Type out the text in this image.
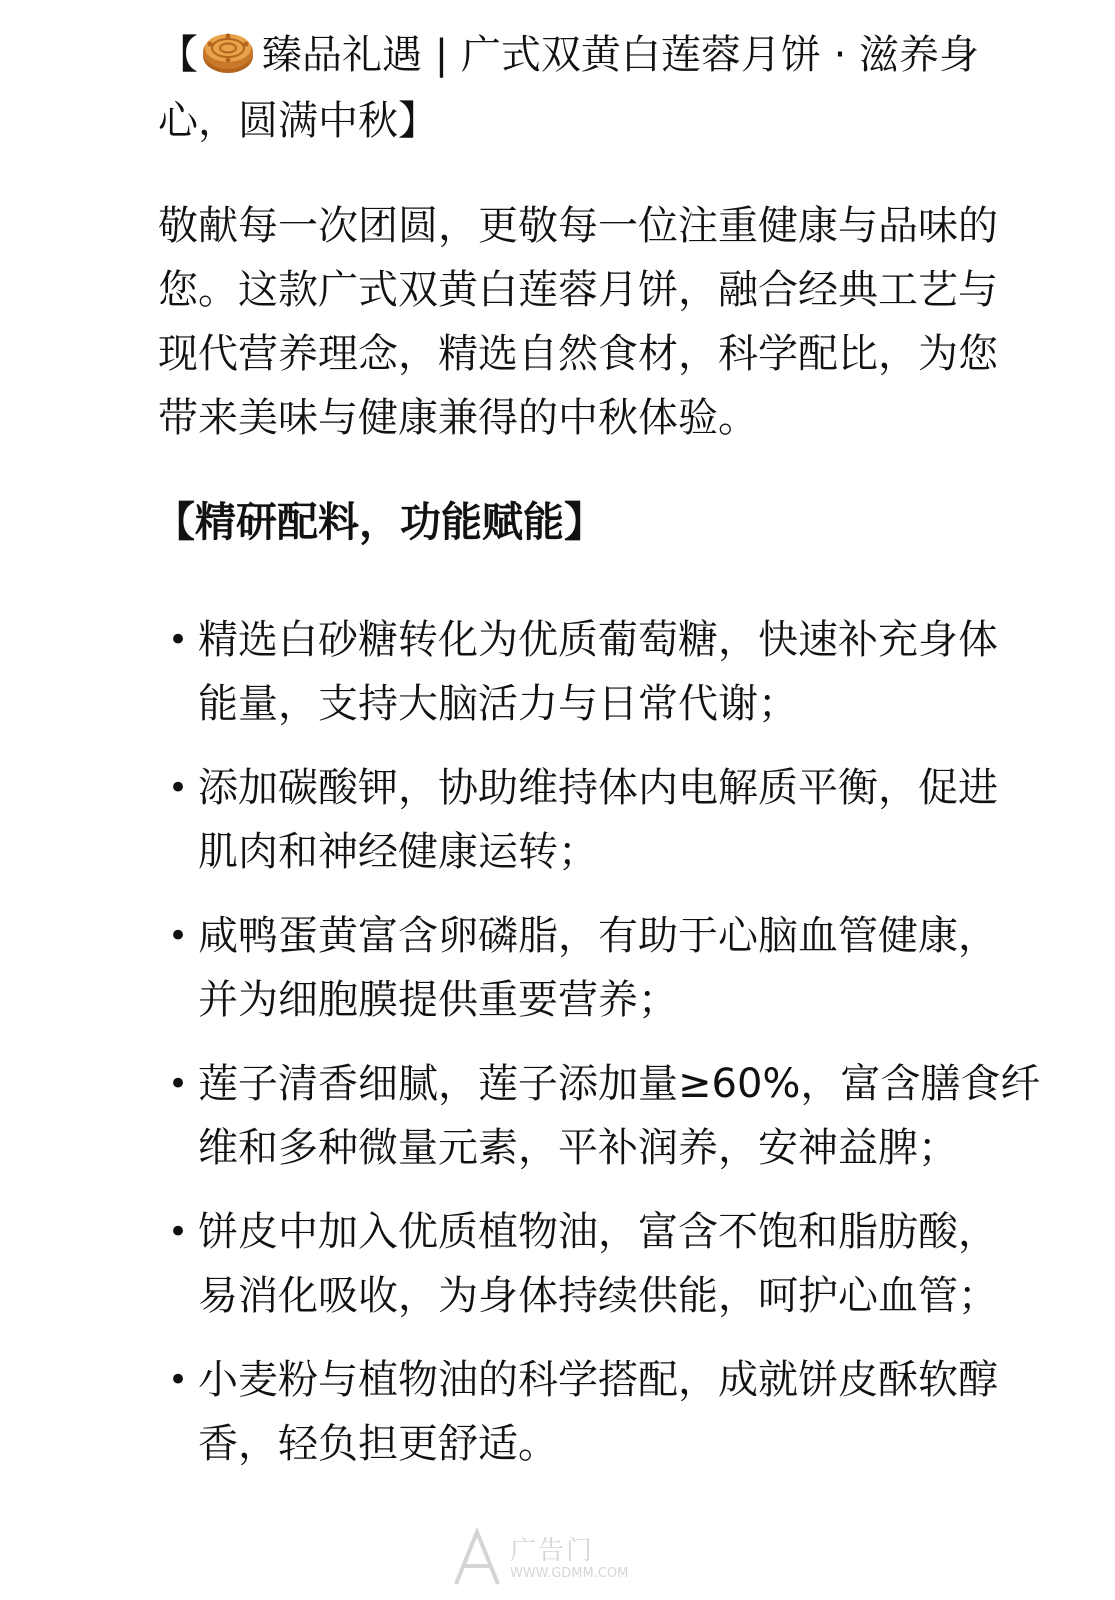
【 臻品礼遇 | 广式双黄白莲蓉月饼 · 滋养身心，圆满中秋】

敬献每一次团圆，更敬每一位注重健康与品味的您。这款广式双黄白莲蓉月饼，融合经典工艺与现代营养理念，精选自然食材，科学配比，为您带来美味与健康兼得的中秋体验。

【精研配料，功能赋能】
• 精选白砂糖转化为优质葡萄糖，快速补充身体能量，支持大脑活力与日常代谢；
• 添加碳酸钾，协助维持体内电解质平衡，促进肌肉和神经健康运转；
• 咸鸭蛋黄富含卵磷脂，有助于心脑血管健康，并为细胞膜提供重要营养；
• 莲子清香细腻，莲子添加量≥60%，富含膳食纤维和多种微量元素，平补润养，安神益脾；
• 饼皮中加入优质植物油，富含不饱和脂肪酸，易消化吸收，为身体持续供能，呵护心血管；
• 小麦粉与植物油的科学搭配，成就饼皮酥软醇香，轻负担更舒适。
广告门
WWW.GDMM.COM
